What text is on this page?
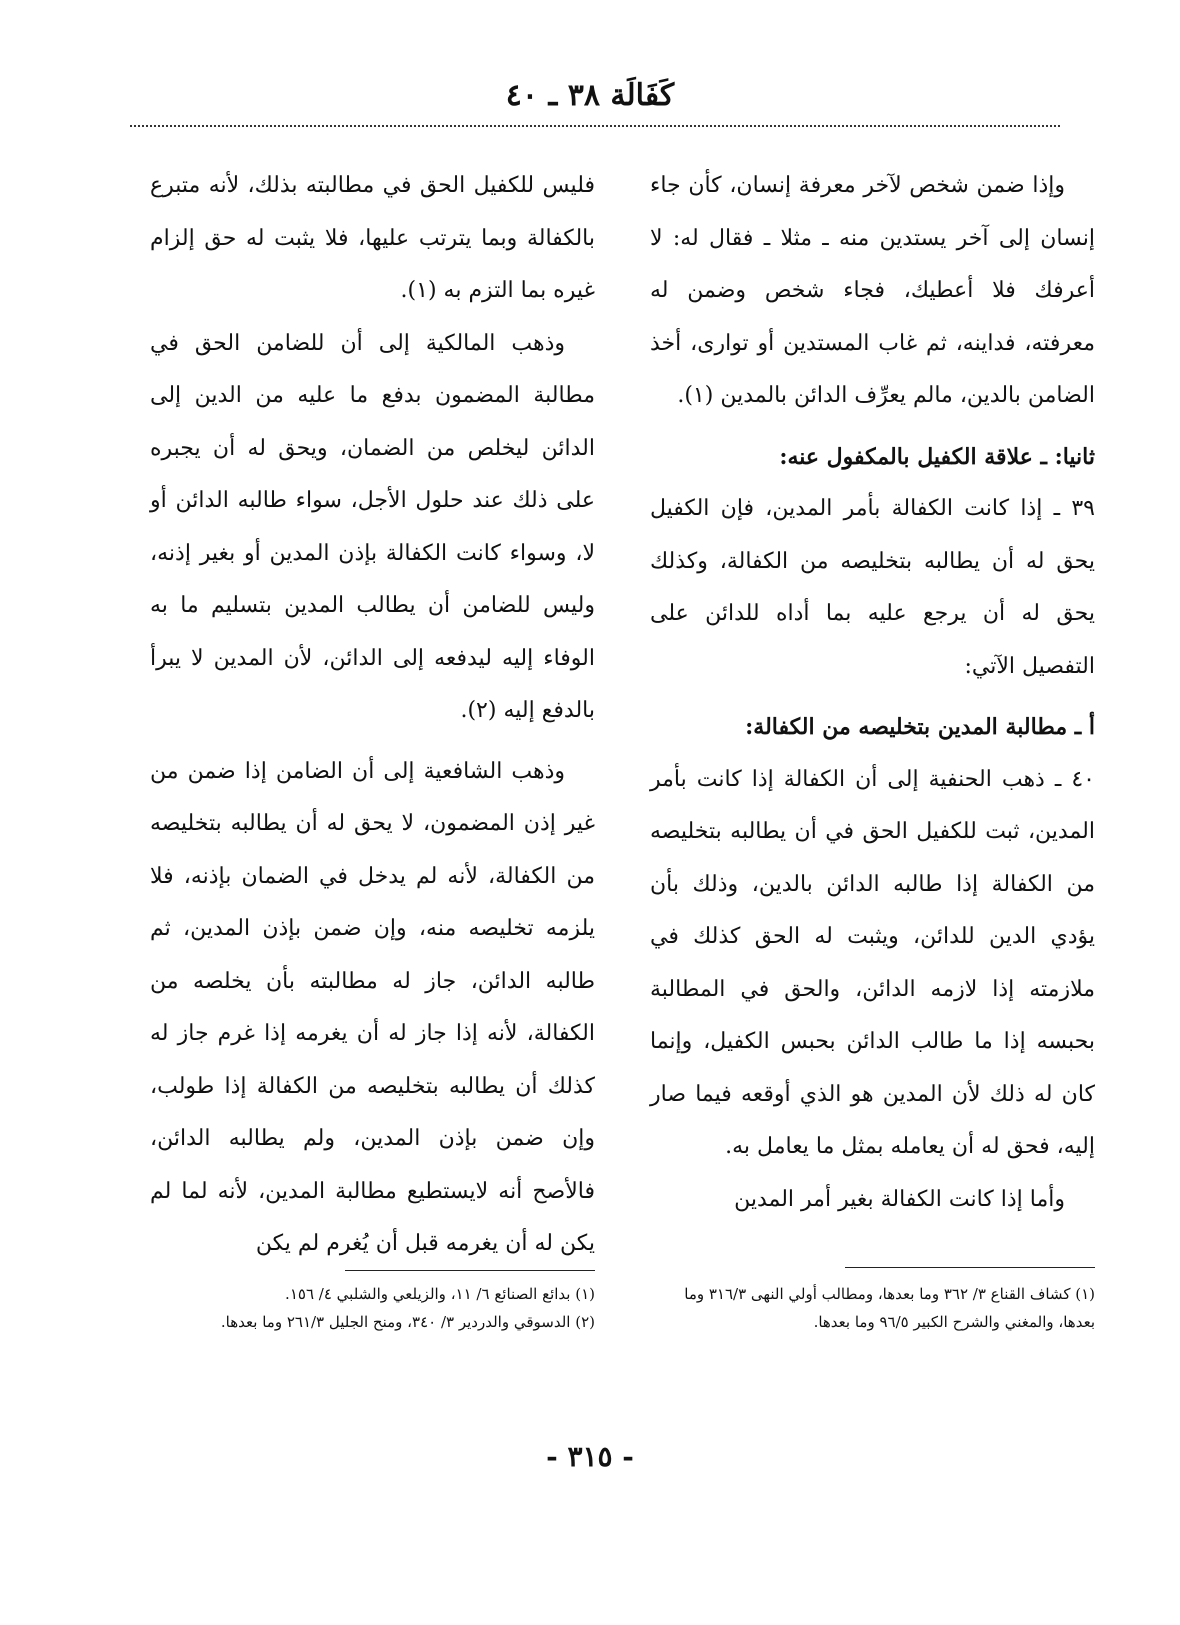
كَفَالَة ٣٨ ـ ٤٠

وإذا ضمن شخص لآخر معرفة إنسان، كأن جاء إنسان إلى آخر يستدين منه ـ مثلا ـ فقال له: لا أعرفك فلا أعطيك، فجاء شخص وضمن له معرفته، فداينه، ثم غاب المستدين أو توارى، أخذ الضامن بالدين، مالم يعرِّف الدائن بالمدين (١).

ثانيا: ـ علاقة الكفيل بالمكفول عنه:

٣٩ ـ إذا كانت الكفالة بأمر المدين، فإن الكفيل يحق له أن يطالبه بتخليصه من الكفالة، وكذلك يحق له أن يرجع عليه بما أداه للدائن على التفصيل الآتي:

أ ـ مطالبة المدين بتخليصه من الكفالة:

٤٠ ـ ذهب الحنفية إلى أن الكفالة إذا كانت بأمر المدين، ثبت للكفيل الحق في أن يطالبه بتخليصه من الكفالة إذا طالبه الدائن بالدين، وذلك بأن يؤدي الدين للدائن، ويثبت له الحق كذلك في ملازمته إذا لازمه الدائن، والحق في المطالبة بحبسه إذا ما طالب الدائن بحبس الكفيل، وإنما كان له ذلك لأن المدين هو الذي أوقعه فيما صار إليه، فحق له أن يعامله بمثل ما يعامل به.

وأما إذا كانت الكفالة بغير أمر المدين

فليس للكفيل الحق في مطالبته بذلك، لأنه متبرع بالكفالة وبما يترتب عليها، فلا يثبت له حق إلزام غيره بما التزم به (١).

وذهب المالكية إلى أن للضامن الحق في مطالبة المضمون بدفع ما عليه من الدين إلى الدائن ليخلص من الضمان، ويحق له أن يجبره على ذلك عند حلول الأجل، سواء طالبه الدائن أو لا، وسواء كانت الكفالة بإذن المدين أو بغير إذنه، وليس للضامن أن يطالب المدين بتسليم ما به الوفاء إليه ليدفعه إلى الدائن، لأن المدين لا يبرأ بالدفع إليه (٢).

وذهب الشافعية إلى أن الضامن إذا ضمن من غير إذن المضمون، لا يحق له أن يطالبه بتخليصه من الكفالة، لأنه لم يدخل في الضمان بإذنه، فلا يلزمه تخليصه منه، وإن ضمن بإذن المدين، ثم طالبه الدائن، جاز له مطالبته بأن يخلصه من الكفالة، لأنه إذا جاز له أن يغرمه إذا غرم جاز له كذلك أن يطالبه بتخليصه من الكفالة إذا طولب، وإن ضمن بإذن المدين، ولم يطالبه الدائن، فالأصح أنه لايستطيع مطالبة المدين، لأنه لما لم يكن له أن يغرمه قبل أن يُغرم لم يكن

(١) كشاف القناع ٣/ ٣٦٢ وما بعدها، ومطالب أولي النهى ٣١٦/٣ وما بعدها، والمغني والشرح الكبير ٩٦/٥ وما بعدها.

(١) بدائع الصنائع ٦/ ١١، والزيلعي والشلبي ٤/ ١٥٦.

(٢) الدسوقي والدردير ٣/ ٣٤٠، ومنح الجليل ٢٦١/٣ وما بعدها.

- ٣١٥ -
